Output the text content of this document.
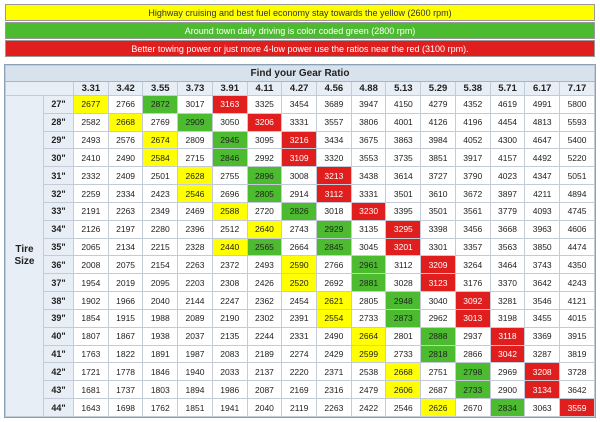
Highway cruising and best fuel economy stay towards the yellow (2600 rpm)
Around town daily driving is color coded green (2800 rpm)
Better towing power or just more 4-low power use the ratios near the red (3100 rpm).
Find your Gear Ratio																
		3.31	3.42	3.55	3.73	3.91	4.11	4.27	4.56	4.88	5.13	5.29	5.38	5.71	6.17	7.17

Tire
Size	27"	2677	2766	2872	3017	3163	3325	3454	3689	3947	4150	4279	4352	4619	4991	5800
	28"	2582	2668	2769	2909	3050	3206	3331	3557	3806	4001	4126	4196	4454	4813	5593
	29"	2493	2576	2674	2809	2945	3095	3216	3434	3675	3863	3984	4052	4300	4647	5400
	30"	2410	2490	2584	2715	2846	2992	3109	3320	3553	3735	3851	3917	4157	4492	5220
	31"	2332	2409	2501	2628	2755	2896	3008	3213	3438	3614	3727	3790	4023	4347	5051
	32"	2259	2334	2423	2546	2696	2805	2914	3112	3331	3501	3610	3672	3897	4211	4894
	33"	2191	2263	2349	2469	2588	2720	2826	3018	3230	3395	3501	3561	3779	4093	4745
	34"	2126	2197	2280	2396	2512	2640	2743	2929	3135	3295	3398	3456	3668	3963	4606
	35"	2065	2134	2215	2328	2440	2565	2664	2845	3045	3201	3301	3357	3563	3850	4474
	36"	2008	2075	2154	2263	2372	2493	2590	2766	2961	3112	3209	3264	3464	3743	4350
	37"	1954	2019	2095	2203	2308	2426	2520	2692	2881	3028	3123	3176	3370	3642	4243
	38"	1902	1966	2040	2144	2247	2362	2454	2621	2805	2948	3040	3092	3281	3546	4121
	39"	1854	1915	1988	2089	2190	2302	2391	2554	2733	2873	2962	3013	3198	3455	4015
	40"	1807	1867	1938	2037	2135	2244	2331	2490	2664	2801	2888	2937	3118	3369	3915
	41"	1763	1822	1891	1987	2083	2189	2274	2429	2599	2733	2818	2866	3042	3287	3819
	42"	1721	1778	1846	1940	2033	2137	2220	2371	2538	2668	2751	2798	2969	3208	3728
	43"	1681	1737	1803	1894	1986	2087	2169	2316	2479	2606	2687	2733	2900	3134	3642
	44"	1643	1698	1762	1851	1941	2040	2119	2263	2422	2546	2626	2670	2834	3063	3559
